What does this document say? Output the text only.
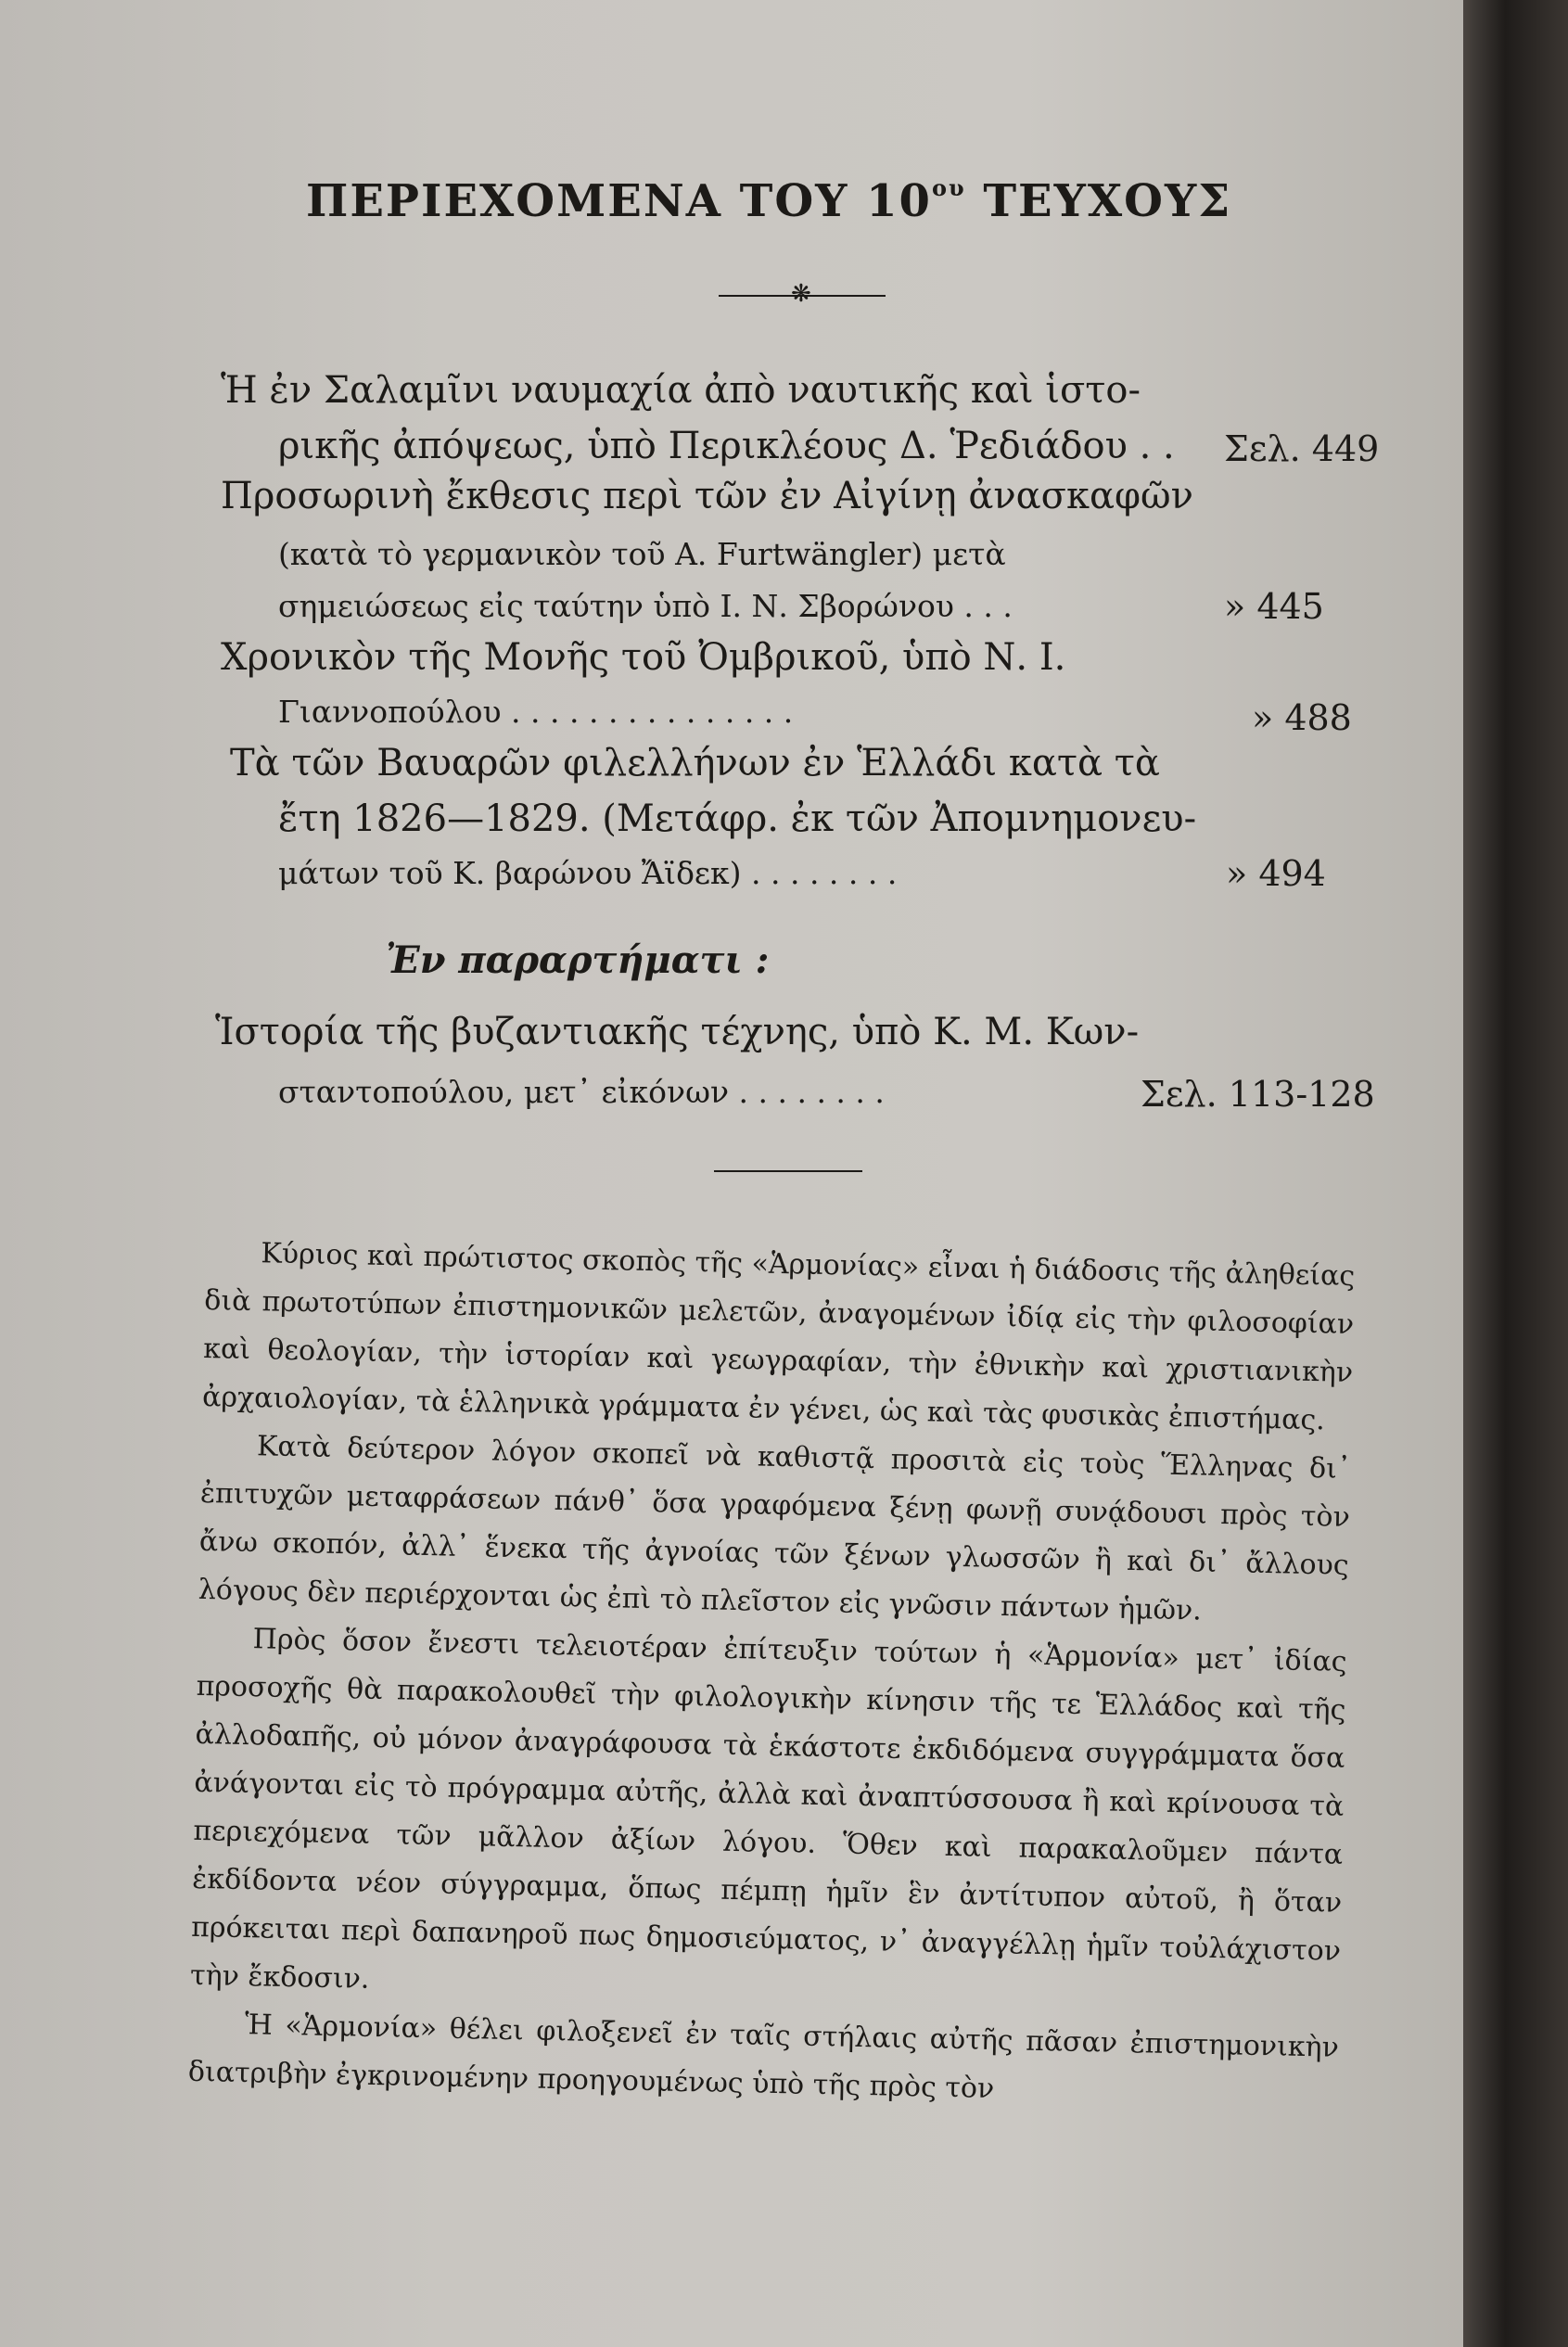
ΠΕΡΙΕΧΟΜΕΝΑ ΤΟΥ $10^{o\upsilon}$ ΤΕΥΧΟΥΣ
❋
Ἡ ἐν Σαλαμῖνι ναυμαχία ἀπὸ ναυτικῆς καὶ ἱστο-
ρικῆς ἀπόψεως, ὑπὸ Περικλέους Δ. Ῥεδιάδου . . Σελ. 449
Προσωρινὴ ἔκθεσις περὶ τῶν ἐν Αἰγίνῃ ἀνασκαφῶν
(κατὰ τὸ γερμανικὸν τοῦ A. Furtwängler) μετὰ
σημειώσεως εἰς ταύτην ὑπὸ Ι. Ν. Σβορώνου . . .	» 445
Χρονικὸν τῆς Μονῆς τοῦ Ὀμβρικοῦ, ὑπὸ Ν. Ι.
Γιαννοπούλου . . . . . . . . . . . . . . .	» 488
Τὰ τῶν Βαυαρῶν φιλελλήνων ἐν Ἑλλάδι κατὰ τὰ
ἔτη 1826—1829. (Μετάφρ. ἐκ τῶν Ἀπομνημονευ-
μάτων τοῦ Κ. βαρώνου Ἄϊδεκ) . . . . . . . .	» 494
Ἐν παραρτήματι :
Ἱστορία τῆς βυζαντιακῆς τέχνης, ὑπὸ Κ. Μ. Κων-
σταντοπούλου, μετ᾽ εἰκόνων . . . . . . . .	Σελ. 113-128

Κύριος καὶ πρώτιστος σκοπὸς τῆς «Ἁρμονίας» εἶναι ἡ διάδοσις τῆς ἀληθείας διὰ πρωτοτύπων ἐπιστημονικῶν μελετῶν, ἀναγομένων ἰδίᾳ εἰς τὴν φιλοσοφίαν καὶ θεολογίαν, τὴν ἱστορίαν καὶ γεωγραφίαν, τὴν ἐθνικὴν καὶ χριστιανικὴν ἀρχαιολογίαν, τὰ ἑλληνικὰ γράμματα ἐν γένει, ὡς καὶ τὰς φυσικὰς ἐπιστήμας.

Κατὰ δεύτερον λόγον σκοπεῖ νὰ καθιστᾷ προσιτὰ εἰς τοὺς Ἕλληνας δι᾽ ἐπιτυχῶν μεταφράσεων πάνθ᾽ ὅσα γραφόμενα ξένῃ φωνῇ συνᾴδουσι πρὸς τὸν ἄνω σκοπόν, ἀλλ᾽ ἕνεκα τῆς ἀγνοίας τῶν ξένων γλωσσῶν ἢ καὶ δι᾽ ἄλλους λόγους δὲν περιέρχονται ὡς ἐπὶ τὸ πλεῖστον εἰς γνῶσιν πάντων ἡμῶν.

Πρὸς ὅσον ἔνεστι τελειοτέραν ἐπίτευξιν τούτων ἡ «Ἁρμονία» μετ᾽ ἰδίας προσοχῆς θὰ παρακολουθεῖ τὴν φιλολογικὴν κίνησιν τῆς τε Ἑλλάδος καὶ τῆς ἀλλοδαπῆς, οὐ μόνον ἀναγράφουσα τὰ ἑκάστοτε ἐκδιδόμενα συγγράμματα ὅσα ἀνάγονται εἰς τὸ πρόγραμμα αὐτῆς, ἀλλὰ καὶ ἀναπτύσσουσα ἢ καὶ κρίνουσα τὰ περιεχόμενα τῶν μᾶλλον ἀξίων λόγου. Ὅθεν καὶ παρακαλοῦμεν πάντα ἐκδίδοντα νέον σύγγραμμα, ὅπως πέμπῃ ἡμῖν ἓν ἀντίτυπον αὐτοῦ, ἢ ὅταν πρόκειται περὶ δαπανηροῦ πως δημοσιεύματος, ν᾽ ἀναγγέλλῃ ἡμῖν τοὐλάχιστον τὴν ἔκδοσιν.

Ἡ «Ἁρμονία» θέλει φιλοξενεῖ ἐν ταῖς στήλαις αὐτῆς πᾶσαν ἐπιστημονικὴν διατριβὴν ἐγκρινομένην προηγουμένως ὑπὸ τῆς πρὸς τὸν
